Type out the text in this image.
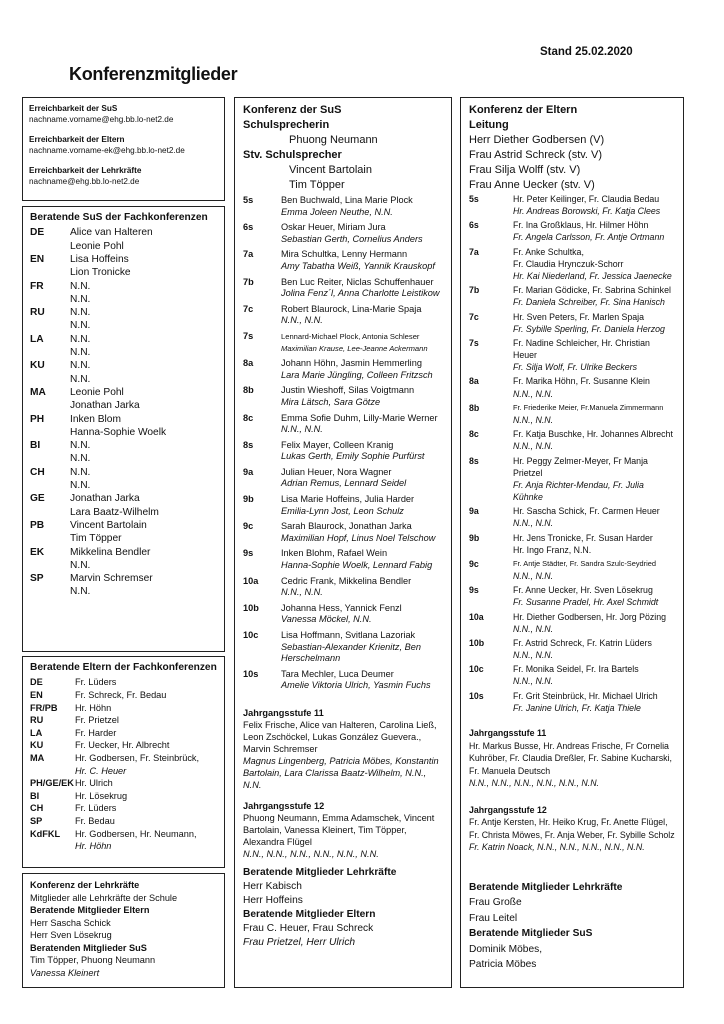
Stand 25.02.2020
Konferenzmitglieder
Erreichbarkeit der SuS
nachname.vorname@ehg.bb.lo-net2.de
Erreichbarkeit der Eltern
nachname.vorname-ek@ehg.bb.lo-net2.de
Erreichbarkeit der Lehrkräfte
nachname@ehg.bb.lo-net2.de
Beratende SuS der Fachkonferenzen
DE	Alice van Halteren
Leonie Pohl
EN	Lisa Hoffeins
Lion Tronicke
FR	N.N.
N.N.
RU	N.N.
N.N.
LA	N.N.
N.N.
KU	N.N.
N.N.
MA	Leonie Pohl
Jonathan Jarka
PH	Inken Blom
Hanna-Sophie Woelk
BI	N.N.
N.N.
CH	N.N.
N.N.
GE	Jonathan Jarka
Lara Baatz-Wilhelm
PB	Vincent Bartolain
Tim Töpper
EK	Mikkelina Bendler
N.N.
SP	Marvin Schremser
N.N.
Beratende Eltern der Fachkonferenzen
DE	Fr. Lüders
EN	Fr. Schreck, Fr. Bedau
FR/PB	Hr. Höhn
RU	Fr. Prietzel
LA	Fr. Harder
KU	Fr. Uecker, Hr. Albrecht
MA	Hr. Godbersen, Fr. Steinbrück,
Hr. C. Heuer
PH/GE/EK Hr. Ulrich
BI	Hr. Lösekrug
CH	Fr. Lüders
SP	Fr. Bedau
KdFKL	Hr. Godbersen, Hr. Neumann,
Hr. Höhn
Konferenz der Lehrkräfte
Mitglieder alle Lehrkräfte der Schule
Beratende Mitglieder Eltern
Herr Sascha Schick
Herr Sven Lösekrug
Beratenden Mitglieder SuS
Tim Töpper, Phuong Neumann
Vanessa Kleinert
Konferenz der SuS
Schulsprecherin
Phuong Neumann
Stv. Schulsprecher
Vincent Bartolain
Tim Töpper
5s	Ben Buchwald, Lina Marie Plock
Emma Joleen Neuthe, N.N.
6s	Oskar Heuer, Miriam Jura
Sebastian Gerth, Cornelius Anders
7a	Mira Schultka, Lenny Hermann
Amy Tabatha Weiß, Yannik Krauskopf
7b	Ben Luc Reiter, Niclas Schuffenhauer
Jolina Fenz´l, Anna Charlotte Leistikow
7c	Robert Blaurock, Lina-Marie Spaja
N.N., N.N.
7s	Lennard-Michael Plock, Antonia Schleser
Maximilian Krause, Lee-Jeanne Ackermann
8a	Johann Höhn, Jasmin Hemmerling
Lara Marie Jüngling, Colleen Fritzsch
8b	Justin Wieshoff, Silas Voigtmann
Mira Lätsch, Sara Götze
8c	Emma Sofie Duhm, Lilly-Marie Werner
N.N., N.N.
8s	Felix Mayer, Colleen Kranig
Lukas Gerth, Emily Sophie Purfürst
9a	Julian Heuer, Nora Wagner
Adrian Remus, Lennard Seidel
9b	Lisa Marie Hoffeins, Julia Harder
Emilia-Lynn Jost, Leon Schulz
9c	Sarah Blaurock, Jonathan Jarka
Maximilian Hopf, Linus Noel Telschow
9s	Inken Blohm, Rafael Wein
Hanna-Sophie Woelk, Lennard Fabig
10a	Cedric Frank, Mikkelina Bendler
N.N., N.N.
10b	Johanna Hess, Yannick Fenzl
Vanessa Möckel, N.N.
10c	Lisa Hoffmann, Svitlana Lazoriak
Sebastian-Alexander Krienitz, Ben
Herschelmann
10s	Tara Mechler, Luca Deumer
Amelie Viktoria Ulrich, Yasmin Fuchs
Jahrgangsstufe 11
Felix Frische, Alice van Halteren, Carolina Ließ,
Leon Zschöckel, Lukas González Guevera.,
Marvin Schremser
Magnus Lingenberg, Patricia Möbes, Konstantin
Bartolain, Lara Clarissa Baatz-Wilhelm, N.N., N.N.
Jahrgangsstufe 12
Phuong Neumann, Emma Adamschek, Vincent
Bartolain, Vanessa Kleinert, Tim Töpper,
Alexandra Flügel
N.N., N.N., N.N., N.N., N.N., N.N.
Beratende Mitglieder Lehrkräfte
Herr Kabisch
Herr Hoffeins
Beratende Mitglieder Eltern
Frau C. Heuer, Frau Schreck
Frau Prietzel, Herr Ulrich
Konferenz der Eltern
Leitung
Herr Diether Godbersen (V)
Frau Astrid Schreck (stv. V)
Frau Silja Wolff (stv. V)
Frau Anne Uecker (stv. V)
5s	Hr. Peter Keilinger, Fr. Claudia Bedau
Hr. Andreas Borowski, Fr. Katja Clees
6s	Fr. Ina Großklaus, Hr. Hilmer Höhn
Fr. Angela Carlsson, Fr. Antje Ortmann
7a	Fr. Anke Schultka,
Fr. Claudia Hrynczuk-Schorr
Hr. Kai Niederland, Fr. Jessica Jaenecke
7b	Fr. Marian Gödicke, Fr. Sabrina Schinkel
Fr. Daniela Schreiber, Fr. Sina Hanisch
7c	Hr. Sven Peters, Fr. Marlen Spaja
Fr. Sybille Sperling, Fr. Daniela Herzog
7s	Fr. Nadine Schleicher, Hr. Christian Heuer
Fr. Silja Wolf, Fr. Ulrike Beckers
8a	Fr. Marika Höhn, Fr. Susanne Klein
N.N., N.N.
8b	Fr. Friederike Meier, Fr.Manuela Zimmermann
N.N., N.N.
8c	Fr. Katja Buschke, Hr. Johannes Albrecht
N.N., N.N.
8s	Hr. Peggy Zelmer-Meyer, Fr Manja Prietzel
Fr. Anja Richter-Mendau, Fr. Julia Kühnke
9a	Hr. Sascha Schick, Fr. Carmen Heuer
N.N., N.N.
9b	Hr. Jens Tronicke, Fr. Susan Harder
Hr. Ingo Franz, N.N.
9c	Fr. Antje Städter, Fr. Sandra Szulc-Seydried
N.N., N.N.
9s	Fr. Anne Uecker, Hr. Sven Lösekrug
Fr. Susanne Pradel, Hr. Axel Schmidt
10a	Hr. Diether Godbersen, Hr. Jorg Pözing
N.N., N.N.
10b	Fr. Astrid Schreck, Fr. Katrin Lüders
N.N., N.N.
10c	Fr. Monika Seidel, Fr. Ira Bartels
N.N., N.N.
10s	Fr. Grit Steinbrück, Hr. Michael Ulrich
Fr. Janine Ulrich, Fr. Katja Thiele
Jahrgangsstufe 11
Hr. Markus Busse, Hr. Andreas Frische, Fr Cornelia
Kuhröber, Fr. Claudia Dreßler, Fr. Sabine Kucharski,
Fr. Manuela Deutsch
N.N., N.N., N.N., N.N., N.N., N.N.
Jahrgangsstufe 12
Fr. Antje Kersten, Hr. Heiko Krug, Fr. Anette Flügel,
Fr. Christa Möwes, Fr. Anja Weber, Fr. Sybille Scholz
Fr. Katrin Noack, N.N., N.N., N.N., N.N., N.N.
Beratende Mitglieder Lehrkräfte
Frau Große
Frau Leitel
Beratende Mitglieder SuS
Dominik Möbes,
Patricia Möbes
